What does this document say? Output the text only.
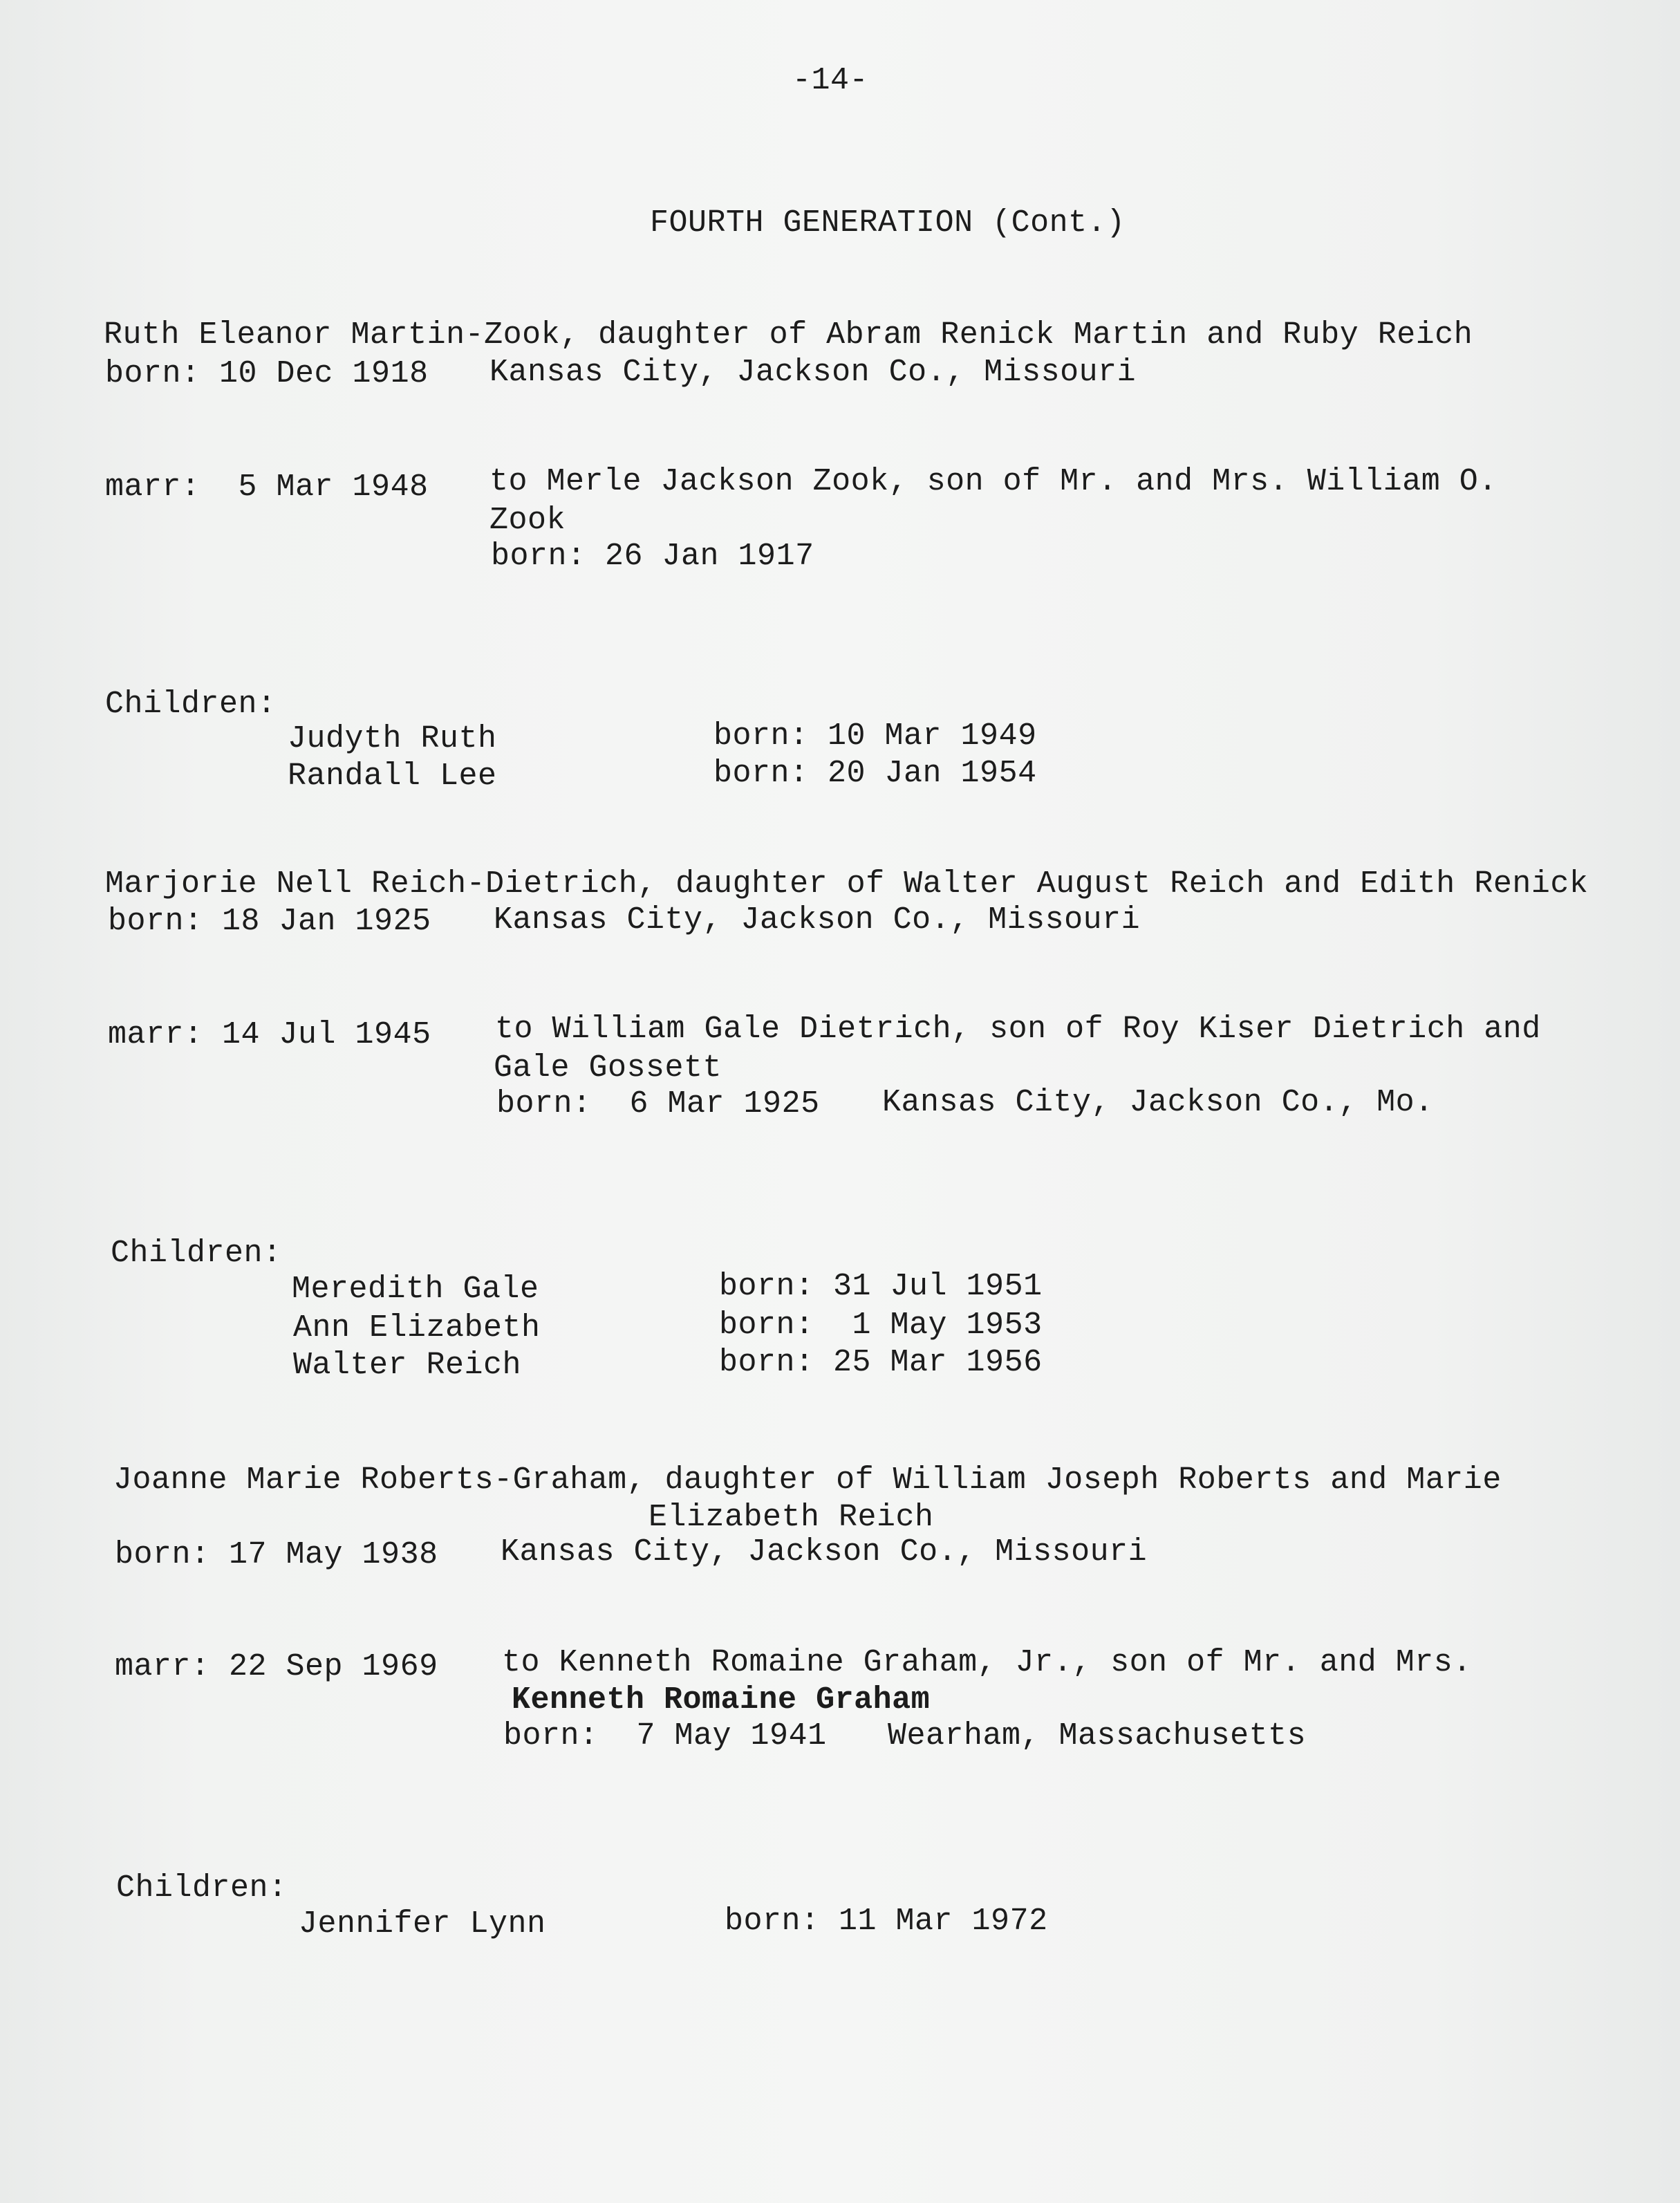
-14-
FOURTH GENERATION (Cont.)
Ruth Eleanor Martin-Zook, daughter of Abram Renick Martin and Ruby Reich
born: 10 Dec 1918 Kansas City, Jackson Co., Missouri
marr:  5 Mar 1948 to Merle Jackson Zook, son of Mr. and Mrs. William O.
Zook
born: 26 Jan 1917
Children:
Judyth Ruth	born: 10 Mar 1949
Randall Lee	born: 20 Jan 1954
Marjorie Nell Reich-Dietrich, daughter of Walter August Reich and Edith Renick
born: 18 Jan 1925 Kansas City, Jackson Co., Missouri
marr: 14 Jul 1945 to William Gale Dietrich, son of Roy Kiser Dietrich and
Gale Gossett
born:  6 Mar 1925 Kansas City, Jackson Co., Mo.
Children:
Meredith Gale	born: 31 Jul 1951
Ann Elizabeth	born:  1 May 1953
Walter Reich	born: 25 Mar 1956
Joanne Marie Roberts-Graham, daughter of William Joseph Roberts and Marie
Elizabeth Reich
born: 17 May 1938 Kansas City, Jackson Co., Missouri
marr: 22 Sep 1969 to Kenneth Romaine Graham, Jr., son of Mr. and Mrs.
Kenneth Romaine Graham
born:  7 May 1941 Wearham, Massachusetts
Children:
Jennifer Lynn	born: 11 Mar 1972
